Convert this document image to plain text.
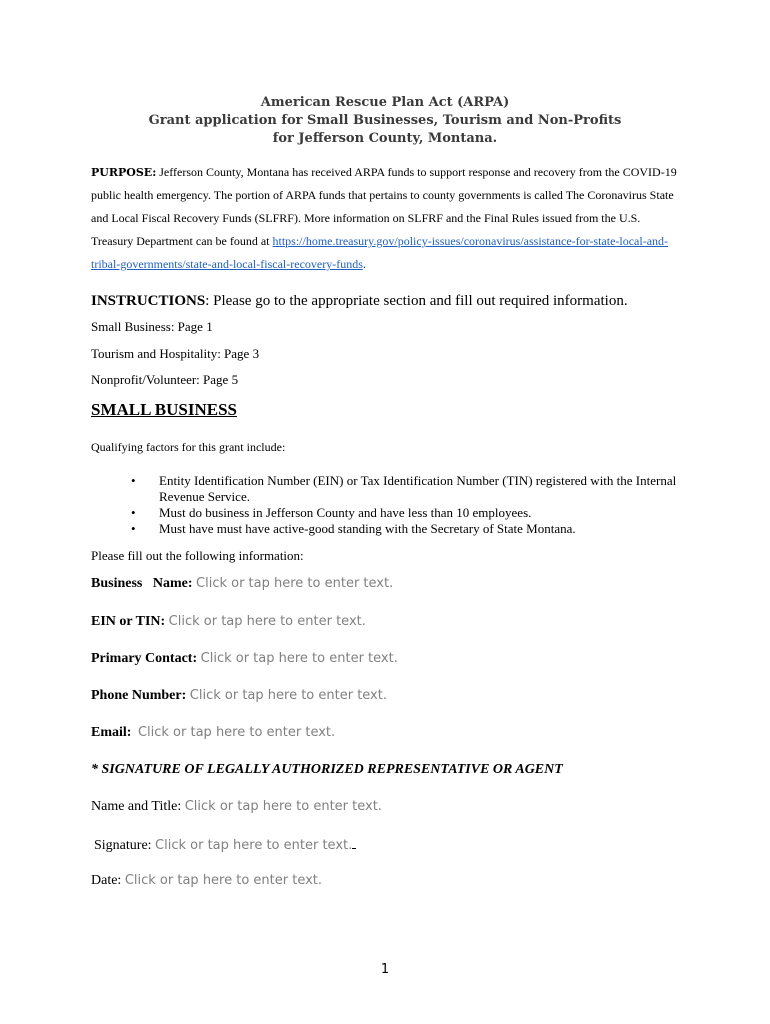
American Rescue Plan Act (ARPA)
Grant application for Small Businesses, Tourism and Non-Profits
for Jefferson County, Montana.
PURPOSE: Jefferson County, Montana has received ARPA funds to support response and recovery from the COVID-19 public health emergency. The portion of ARPA funds that pertains to county governments is called The Coronavirus State and Local Fiscal Recovery Funds (SLFRF). More information on SLFRF and the Final Rules issued from the U.S. Treasury Department can be found at https://home.treasury.gov/policy-issues/coronavirus/assistance-for-state-local-and-tribal-governments/state-and-local-fiscal-recovery-funds.
INSTRUCTIONS: Please go to the appropriate section and fill out required information.
Small Business: Page 1
Tourism and Hospitality: Page 3
Nonprofit/Volunteer: Page 5
SMALL BUSINESS
Qualifying factors for this grant include:
• Entity Identification Number (EIN) or Tax Identification Number (TIN) registered with the Internal Revenue Service.
• Must do business in Jefferson County and have less than 10 employees.
• Must have must have active-good standing with the Secretary of State Montana.
Please fill out the following information:
Business   Name: Click or tap here to enter text.
EIN or TIN: Click or tap here to enter text.
Primary Contact: Click or tap here to enter text.
Phone Number: Click or tap here to enter text.
Email: Click or tap here to enter text.
* SIGNATURE OF LEGALLY AUTHORIZED REPRESENTATIVE OR AGENT
Name and Title: Click or tap here to enter text.
Signature: Click or tap here to enter text.
Date: Click or tap here to enter text.
1
